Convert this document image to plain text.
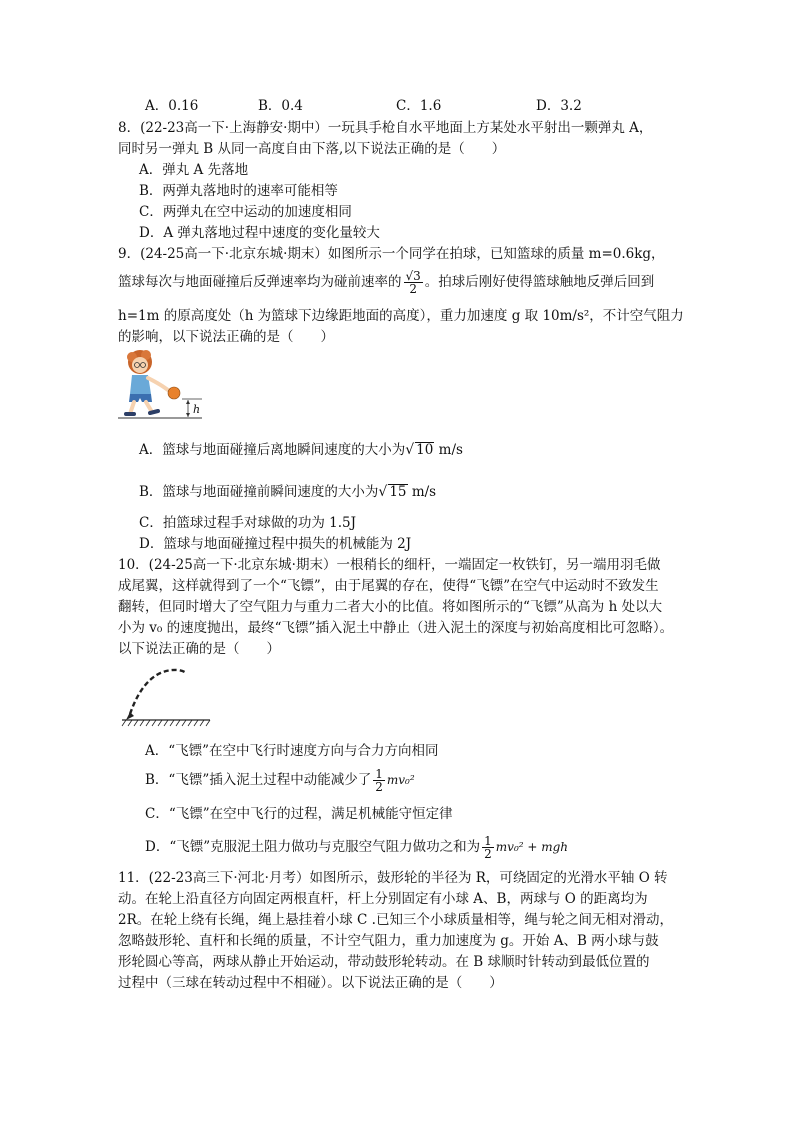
A．0.16	B．0.4	C．1.6	D．3.2
8．(22-23高一下·上海静安·期中）一玩具手枪自水平地面上方某处水平射出一颗弹丸 A，
同时另一弹丸 B 从同一高度自由下落,以下说法正确的是（　　）
A．弹丸 A 先落地
B．两弹丸落地时的速率可能相等
C．两弹丸在空中运动的加速度相同
D．A 弹丸落地过程中速度的变化量较大
9．(24-25高一下·北京东城·期末）如图所示一个同学在拍球，已知篮球的质量 m=0.6kg，
篮球每次与地面碰撞后反弹速率均为碰前速率的 $\frac{√3}{2}$ 。拍球后刚好使得篮球触地反弹后回到
h=1m 的原高度处（h 为篮球下边缘距地面的高度），重力加速度 g 取 10m/s²，不计空气阻力
的影响，以下说法正确的是（　　）
h
A．篮球与地面碰撞后离地瞬间速度的大小为√ 10 m/s
B．篮球与地面碰撞前瞬间速度的大小为√ 15 m/s
C．拍篮球过程手对球做的功为 1.5J
D．篮球与地面碰撞过程中损失的机械能为 2J
10．(24-25高一下·北京东城·期末）一根稍长的细杆，一端固定一枚铁钉，另一端用羽毛做
成尾翼，这样就得到了一个“飞镖”，由于尾翼的存在，使得“飞镖”在空气中运动时不致发生
翻转，但同时增大了空气阻力与重力二者大小的比值。将如图所示的“飞镖”从高为 h 处以大
小为 v₀ 的速度抛出，最终“飞镖”插入泥土中静止（进入泥土的深度与初始高度相比可忽略）。
以下说法正确的是（　　）
A．“飞镖”在空中飞行时速度方向与合力方向相同
B．“飞镖”插入泥土过程中动能减少了 $\frac{1}{2} mv_0^2$
C．“飞镖”在空中飞行的过程，满足机械能守恒定律
D．“飞镖”克服泥土阻力做功与克服空气阻力做功之和为 $\frac{1}{2} mv_0^2$ + mgh
11．(22-23高三下·河北·月考）如图所示，鼓形轮的半径为 R，可绕固定的光滑水平轴 O 转
动。在轮上沿直径方向固定两根直杆，杆上分别固定有小球 A、B，两球与 O 的距离均为
2R。在轮上绕有长绳，绳上悬挂着小球 C .已知三个小球质量相等，绳与轮之间无相对滑动，
忽略鼓形轮、直杆和长绳的质量，不计空气阻力，重力加速度为 g。开始 A、B 两小球与鼓
形轮圆心等高，两球从静止开始运动，带动鼓形轮转动。在 B 球顺时针转动到最低位置的
过程中（三球在转动过程中不相碰）。以下说法正确的是（　　）
